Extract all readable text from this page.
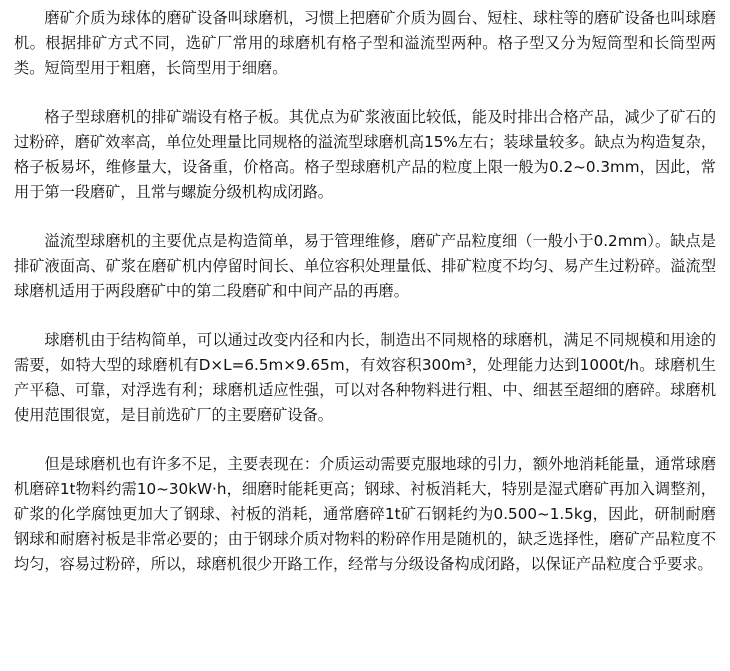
磨矿介质为球体的磨矿设备叫球磨机，习惯上把磨矿介质为圆台、短柱、球柱等的磨矿设备也叫球磨机。根据排矿方式不同，选矿厂常用的球磨机有格子型和溢流型两种。格子型又分为短筒型和长筒型两类。短筒型用于粗磨，长筒型用于细磨。

格子型球磨机的排矿端设有格子板。其优点为矿浆液面比较低，能及时排出合格产品，减少了矿石的过粉碎，磨矿效率高，单位处理量比同规格的溢流型球磨机高15%左右；装球量较多。缺点为构造复杂，格子板易坏，维修量大，设备重，价格高。格子型球磨机产品的粒度上限一般为0.2~0.3mm，因此，常用于第一段磨矿，且常与螺旋分级机构成闭路。

溢流型球磨机的主要优点是构造简单，易于管理维修，磨矿产品粒度细（一般小于0.2mm）。缺点是排矿液面高、矿浆在磨矿机内停留时间长、单位容积处理量低、排矿粒度不均匀、易产生过粉碎。溢流型球磨机适用于两段磨矿中的第二段磨矿和中间产品的再磨。

球磨机由于结构简单，可以通过改变内径和内长，制造出不同规格的球磨机，满足不同规模和用途的需要，如特大型的球磨机有D×L=6.5m×9.65m，有效容积300m³，处理能力达到1000t/h。球磨机生产平稳、可靠，对浮选有利；球磨机适应性强，可以对各种物料进行粗、中、细甚至超细的磨碎。球磨机使用范围很宽，是目前选矿厂的主要磨矿设备。

但是球磨机也有许多不足，主要表现在：介质运动需要克服地球的引力，额外地消耗能量，通常球磨机磨碎1t物料约需10~30kW·h，细磨时能耗更高；钢球、衬板消耗大，特别是湿式磨矿再加入调整剂，矿浆的化学腐蚀更加大了钢球、衬板的消耗，通常磨碎1t矿石钢耗约为0.500~1.5kg，因此，研制耐磨钢球和耐磨衬板是非常必要的；由于钢球介质对物料的粉碎作用是随机的，缺乏选择性，磨矿产品粒度不均匀，容易过粉碎，所以，球磨机很少开路工作，经常与分级设备构成闭路，以保证产品粒度合乎要求。
